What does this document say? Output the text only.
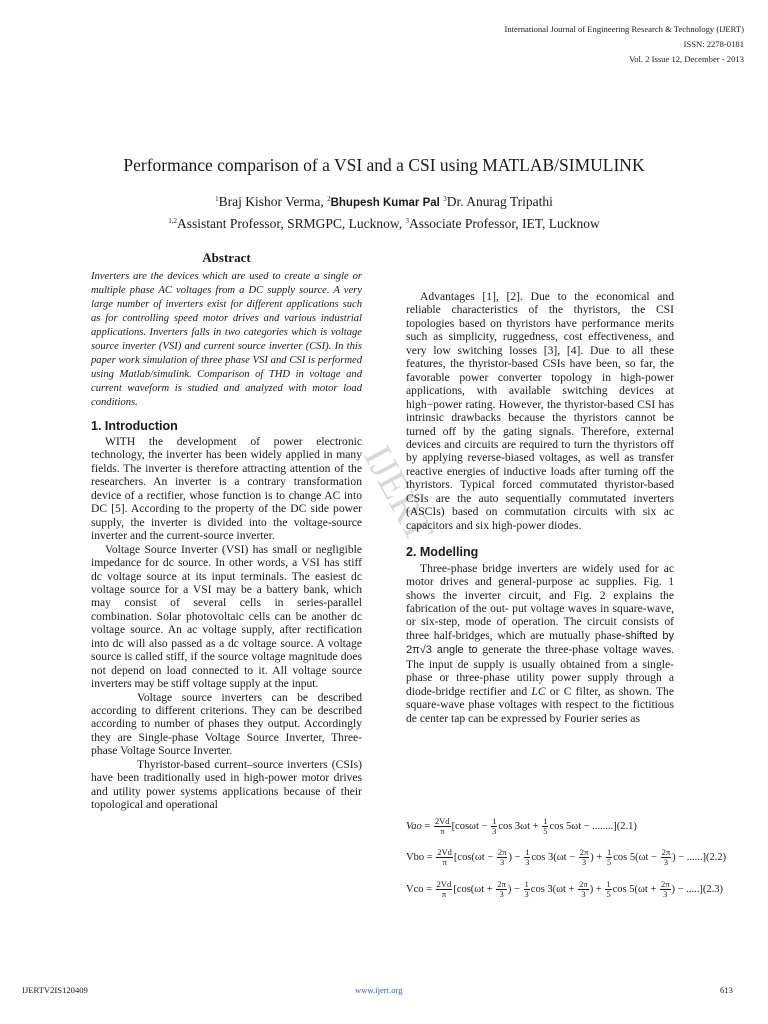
International Journal of Engineering Research & Technology (IJERT)
ISSN: 2278-0181
Vol. 2 Issue 12, December - 2013
Performance comparison of a VSI and a CSI using MATLAB/SIMULINK
$^1$Braj Kishor Verma, $^2$Bhupesh Kumar Pal $^3$Dr. Anurag Tripathi
$^{1,2}$Assistant Professor, SRMGPC, Lucknow, $^3$Associate Professor, IET, Lucknow
IJERT
Abstract

Inverters are the devices which are used to create a single or multiple phase AC voltages from a DC supply source. A very large number of inverters exist for different applications such as for controlling speed motor drives and various industrial applications. Inverters falls in two categories which is voltage source inverter (VSI) and current source inverter (CSI). In this paper work simulation of three phase VSI and CSI is performed using Matlab/simulink. Comparison of THD in voltage and current waveform is studied and analyzed with motor load conditions.

1. Introduction

WITH the development of power electronic technology, the inverter has been widely applied in many fields. The inverter is therefore attracting attention of the researchers. An inverter is a contrary transformation device of a rectifier, whose function is to change AC into DC [5]. According to the property of the DC side power supply, the inverter is divided into the voltage-source inverter and the current-source inverter.

Voltage Source Inverter (VSI) has small or negligible impedance for dc source. In other words, a VSI has stiff dc voltage source at its input terminals. The easiest dc voltage source for a VSI may be a battery bank, which may consist of several cells in series-parallel combination. Solar photovoltaic cells can be another dc voltage source. An ac voltage supply, after rectification into dc will also passed as a dc voltage source. A voltage source is called stiff, if the source voltage magnitude does not depend on load connected to it. All voltage source inverters may be stiff voltage supply at the input.

Voltage source inverters can be described according to different criterions. They can be described according to number of phases they output. Accordingly they are Single-phase Voltage Source Inverter, Three-phase Voltage Source Inverter.

Thyristor-based current–source inverters (CSIs) have been traditionally used in high-power motor drives and utility power systems applications because of their topological and operational

Advantages [1], [2]. Due to the economical and reliable characteristics of the thyristors, the CSI topologies based on thyristors have performance merits such as simplicity, ruggedness, cost effectiveness, and very low switching losses [3], [4]. Due to all these features, the thyristor-based CSIs have been, so far, the favorable power converter topology in high-power applications, with available switching devices at high−power rating. However, the thyristor-based CSI has intrinsic drawbacks because the thyristors cannot be turned off by the gating signals. Therefore, external devices and circuits are required to turn the thyristors off by applying reverse-biased voltages, as well as transfer reactive energies of inductive loads after turning off the thyristors. Typical forced commutated thyristor-based CSIs are the auto sequentially commutated inverters (ASCIs) based on commutation circuits with six ac capacitors and six high-power diodes.

2. Modelling

Three-phase bridge inverters are widely used for ac motor drives and general-purpose ac supplies. Fig. 1 shows the inverter circuit, and Fig. 2 explains the fabrication of the out- put voltage waves in square-wave, or six-step, mode of operation. The circuit consists of three half-bridges, which are mutually phase-shifted by 2π√3 angle to generate the three-phase voltage waves. The input de supply is usually obtained from a single-phase or three-phase utility power supply through a diode-bridge rectifier and LC or C filter, as shown. The square-wave phase voltages with respect to the fictitious de center tap can be expressed by Fourier series as

Vao = $\frac{2Vd}{\pi} [\cos\omega t - \frac{1}{3}$ $\cos 3\omega t + \frac{1}{5}$ cos 5ωt − ........](2.1)
Vbo = $\frac{2Vd}{\pi} [\cos(\omega t - \frac{2\pi}{3}$ ) − $\frac{1}{3}$ $\cos 3(\omega t - \frac{2\pi}{3}$ ) + $\frac{1}{5}$ $\cos 5(\omega t - \frac{2\pi}{3}$ ) − ......](2.2)
Vco = $\frac{2Vd}{\pi} [\cos(\omega t + \frac{2\pi}{3}$ ) − $\frac{1}{3}$ $\cos 3(\omega t + \frac{2\pi}{3}$ ) + $\frac{1}{5}$ $\cos 5(\omega t + \frac{2\pi}{3}$ ) − .....](2.3)
IJERTV2IS120409	www.ijert.org	613
